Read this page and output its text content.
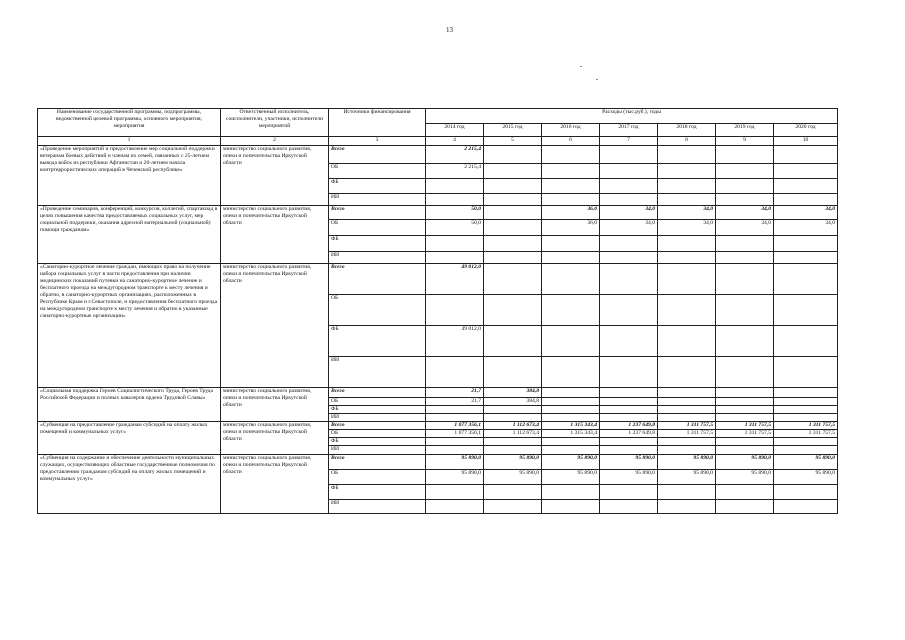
13
Наименование государственной программы, подпрограммы, ведомственной целевой программы, основного мероприятия, мероприятия	Ответственный исполнитель, соисполнители, участники, исполнители мероприятий	Источники финансирования	Расходы (тыс.руб.), годы						
			2014 год	2015 год	2016 год	2017 год	2018 год	2019 год	2020 год
1	2	3	4	5	6	7	8	9	10
«Проведение мероприятий и предоставление мер социальной поддержки ветеранам боевых действий и членам их семей, связанных с 25-летием вывода войск из республики Афганистан и 20-летием начала контртеррористических операций в Чеченской республике»	министерство социального развития, опеки и попечительства Иркутской области	Всего	2 215,4						
		ОБ	2 215,4						
		ФБ							
		ИИ							
«Проведение семинаров, конференций, конкурсов, коллегий, спартакиад в целях повышения качества предоставляемых социальных услуг, мер социальной поддержки, оказания адресной материальной (социальной) помощи гражданам»	министерство социального развития, опеки и попечительства Иркутской области	Всего	50,0		36,0	34,0	34,0	34,0	34,0
		ОБ	50,0		36,0	34,0	34,0	34,0	34,0
		ФБ							
		ИИ							
«Санаторно-курортное лечение граждан, имеющих право на получение набора социальных услуг в части предоставления при наличии медицинских показаний путевки на санаторно-курортное лечение и бесплатного проезда на междугородном транспорте к месту лечения и обратно, в санаторно-курортных организациях, расположенных в Республике Крым и г.Севастополе, и предоставления бесплатного проезда на междугородном транспорте к месту лечения и обратно в указанные санаторно-курортные организации»	министерство социального развития, опеки и попечительства Иркутской области	Всего	49 012,0						
		ОБ							
		ФБ	49 012,0						
		ИИ							
«Социальная поддержка Героев Социалистического Труда, Героев Труда Российской Федерации и полных кавалеров ордена Трудовой Славы»	министерство социального развития, опеки и попечительства Иркутской области	Всего	21,7	384,8					
		ОБ	21,7	384,8					
		ФБ							
		ИИ							
«Субвенция на предоставление гражданам субсидий на оплату жилых помещений и коммунальных услуг»	министерство социального развития, опеки и попечительства Иркутской области	Всего	1 077 356,1	1 112 673,4	1 315 343,4	1 237 649,8	1 311 757,5	1 311 757,5	1 311 757,5
		ОБ	1 077 356,1	1 112 673,4	1 315 343,4	1 237 649,8	1 311 757,5	1 311 757,5	1 311 757,5
		ФБ							
		ИИ							
«Субвенция на содержание и обеспечение деятельности муниципальных служащих, осуществляющих областные государственные полномочия по предоставлению гражданам субсидий на оплату жилых помещений и коммунальных услуг»	министерство социального развития, опеки и попечительства Иркутской области	Всего	95 890,0	95 890,0	95 890,0	95 890,0	95 890,0	95 890,0	95 890,0
		ОБ	95 890,0	95 890,0	95 890,0	95 890,0	95 890,0	95 890,0	95 890,0
		ФБ							
		ИИ							
